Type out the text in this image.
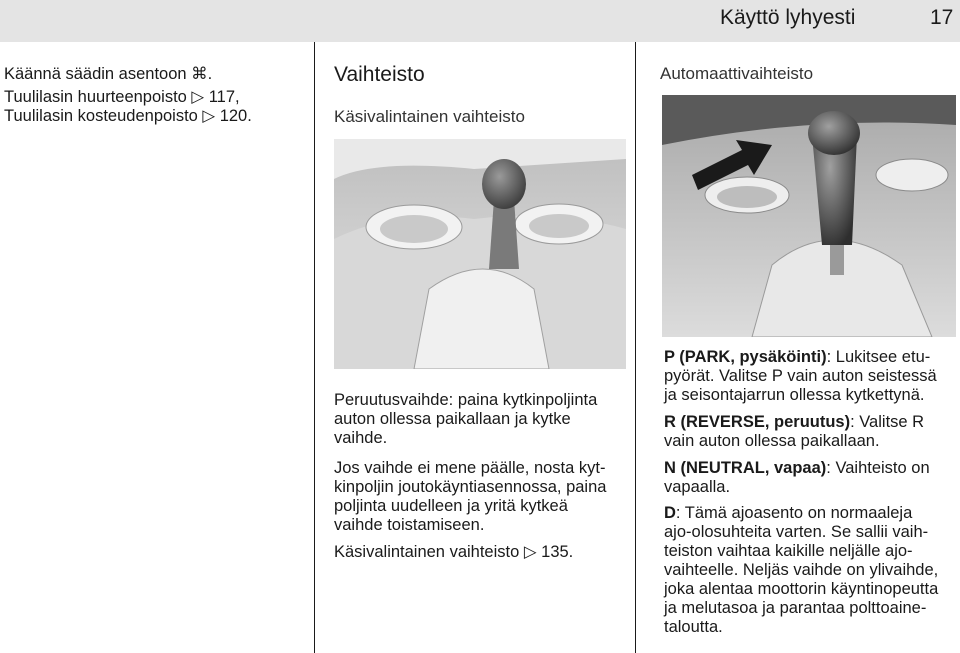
Käyttö lyhyesti	17
Käännä säädin asentoon ⌘.
Tuulilasin huurteenpoisto ▷ 117,
Tuulilasin kosteudenpoisto ▷ 120.
Vaihteisto
Käsivalintainen vaihteisto
Peruutusvaihde: paina kytkinpoljinta
auton ollessa paikallaan ja kytke
vaihde.
Jos vaihde ei mene päälle, nosta kyt-
kinpoljin joutokäyntiasennossa, paina
poljinta uudelleen ja yritä kytkeä
vaihde toistamiseen.
Käsivalintainen vaihteisto ▷ 135.
Automaattivaihteisto
P (PARK, pysäköinti): Lukitsee etu-
pyörät. Valitse P vain auton seistessä
ja seisontajarrun ollessa kytkettynä.
R (REVERSE, peruutus): Valitse R
vain auton ollessa paikallaan.
N (NEUTRAL, vapaa): Vaihteisto on
vapaalla.
D: Tämä ajoasento on normaaleja
ajo-olosuhteita varten. Se sallii vaih-
teiston vaihtaa kaikille neljälle ajo-
vaihteelle. Neljäs vaihde on ylivaihde,
joka alentaa moottorin käyntinopeutta
ja melutasoa ja parantaa polttoaine-
taloutta.
